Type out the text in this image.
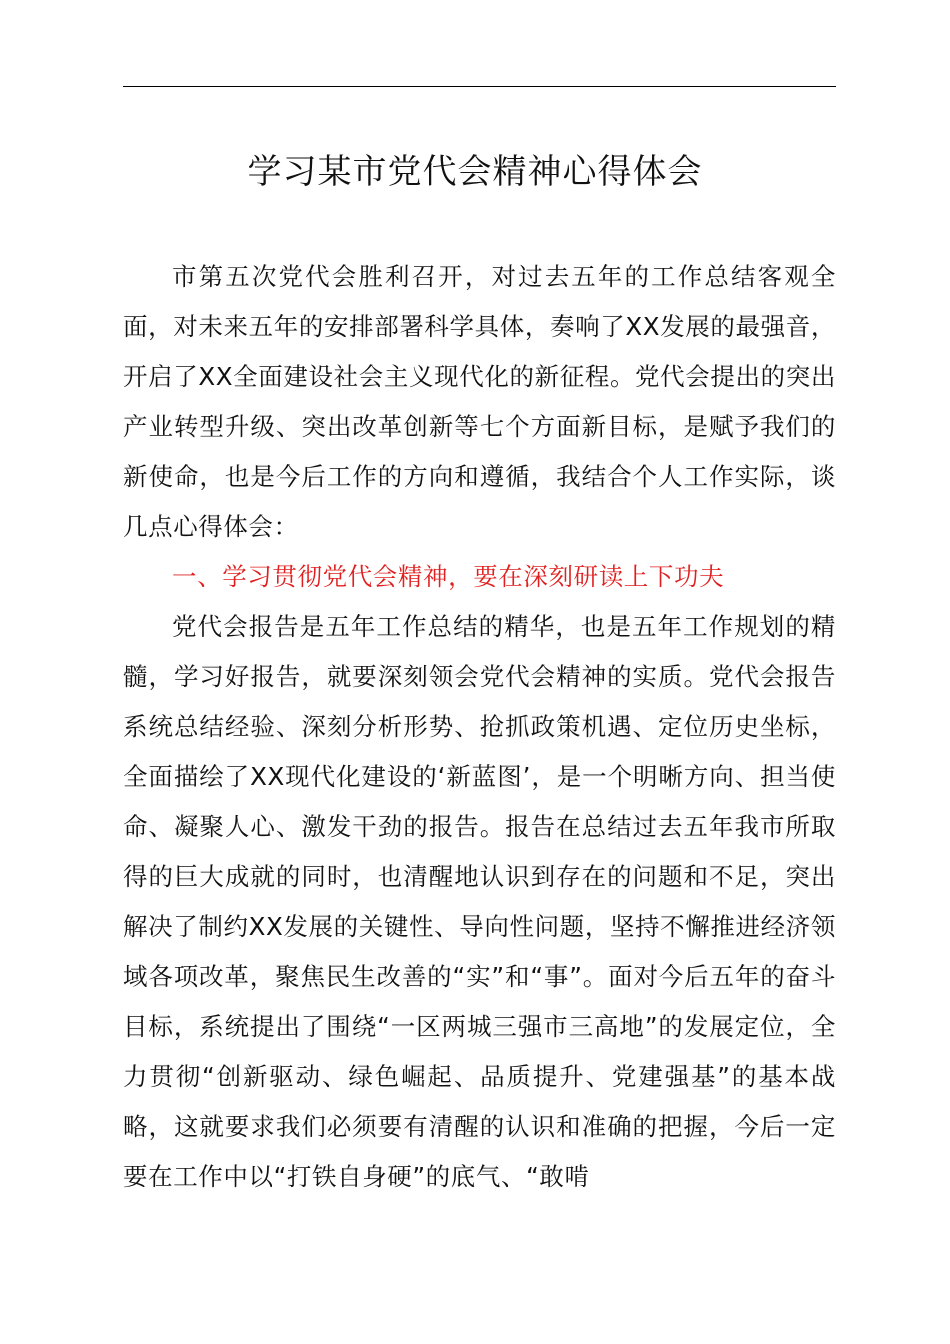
学习某市党代会精神心得体会

市第五次党代会胜利召开，对过去五年的工作总结客观全面，对未来五年的安排部署科学具体，奏响了XX发展的最强音，开启了XX全面建设社会主义现代化的新征程。党代会提出的突出产业转型升级、突出改革创新等七个方面新目标，是赋予我们的新使命，也是今后工作的方向和遵循，我结合个人工作实际，谈几点心得体会：

一、学习贯彻党代会精神，要在深刻研读上下功夫

党代会报告是五年工作总结的精华，也是五年工作规划的精髓，学习好报告，就要深刻领会党代会精神的实质。党代会报告系统总结经验、深刻分析形势、抢抓政策机遇、定位历史坐标，全面描绘了XX现代化建设的‘新蓝图’，是一个明晰方向、担当使命、凝聚人心、激发干劲的报告。报告在总结过去五年我市所取得的巨大成就的同时，也清醒地认识到存在的问题和不足，突出解决了制约XX发展的关键性、导向性问题，坚持不懈推进经济领域各项改革，聚焦民生改善的“实”和“事”。面对今后五年的奋斗目标，系统提出了围绕“一区两城三强市三高地”的发展定位，全力贯彻“创新驱动、绿色崛起、品质提升、党建强基”的基本战略，这就要求我们必须要有清醒的认识和准确的把握，今后一定要在工作中以“打铁自身硬”的底气、“敢啃
